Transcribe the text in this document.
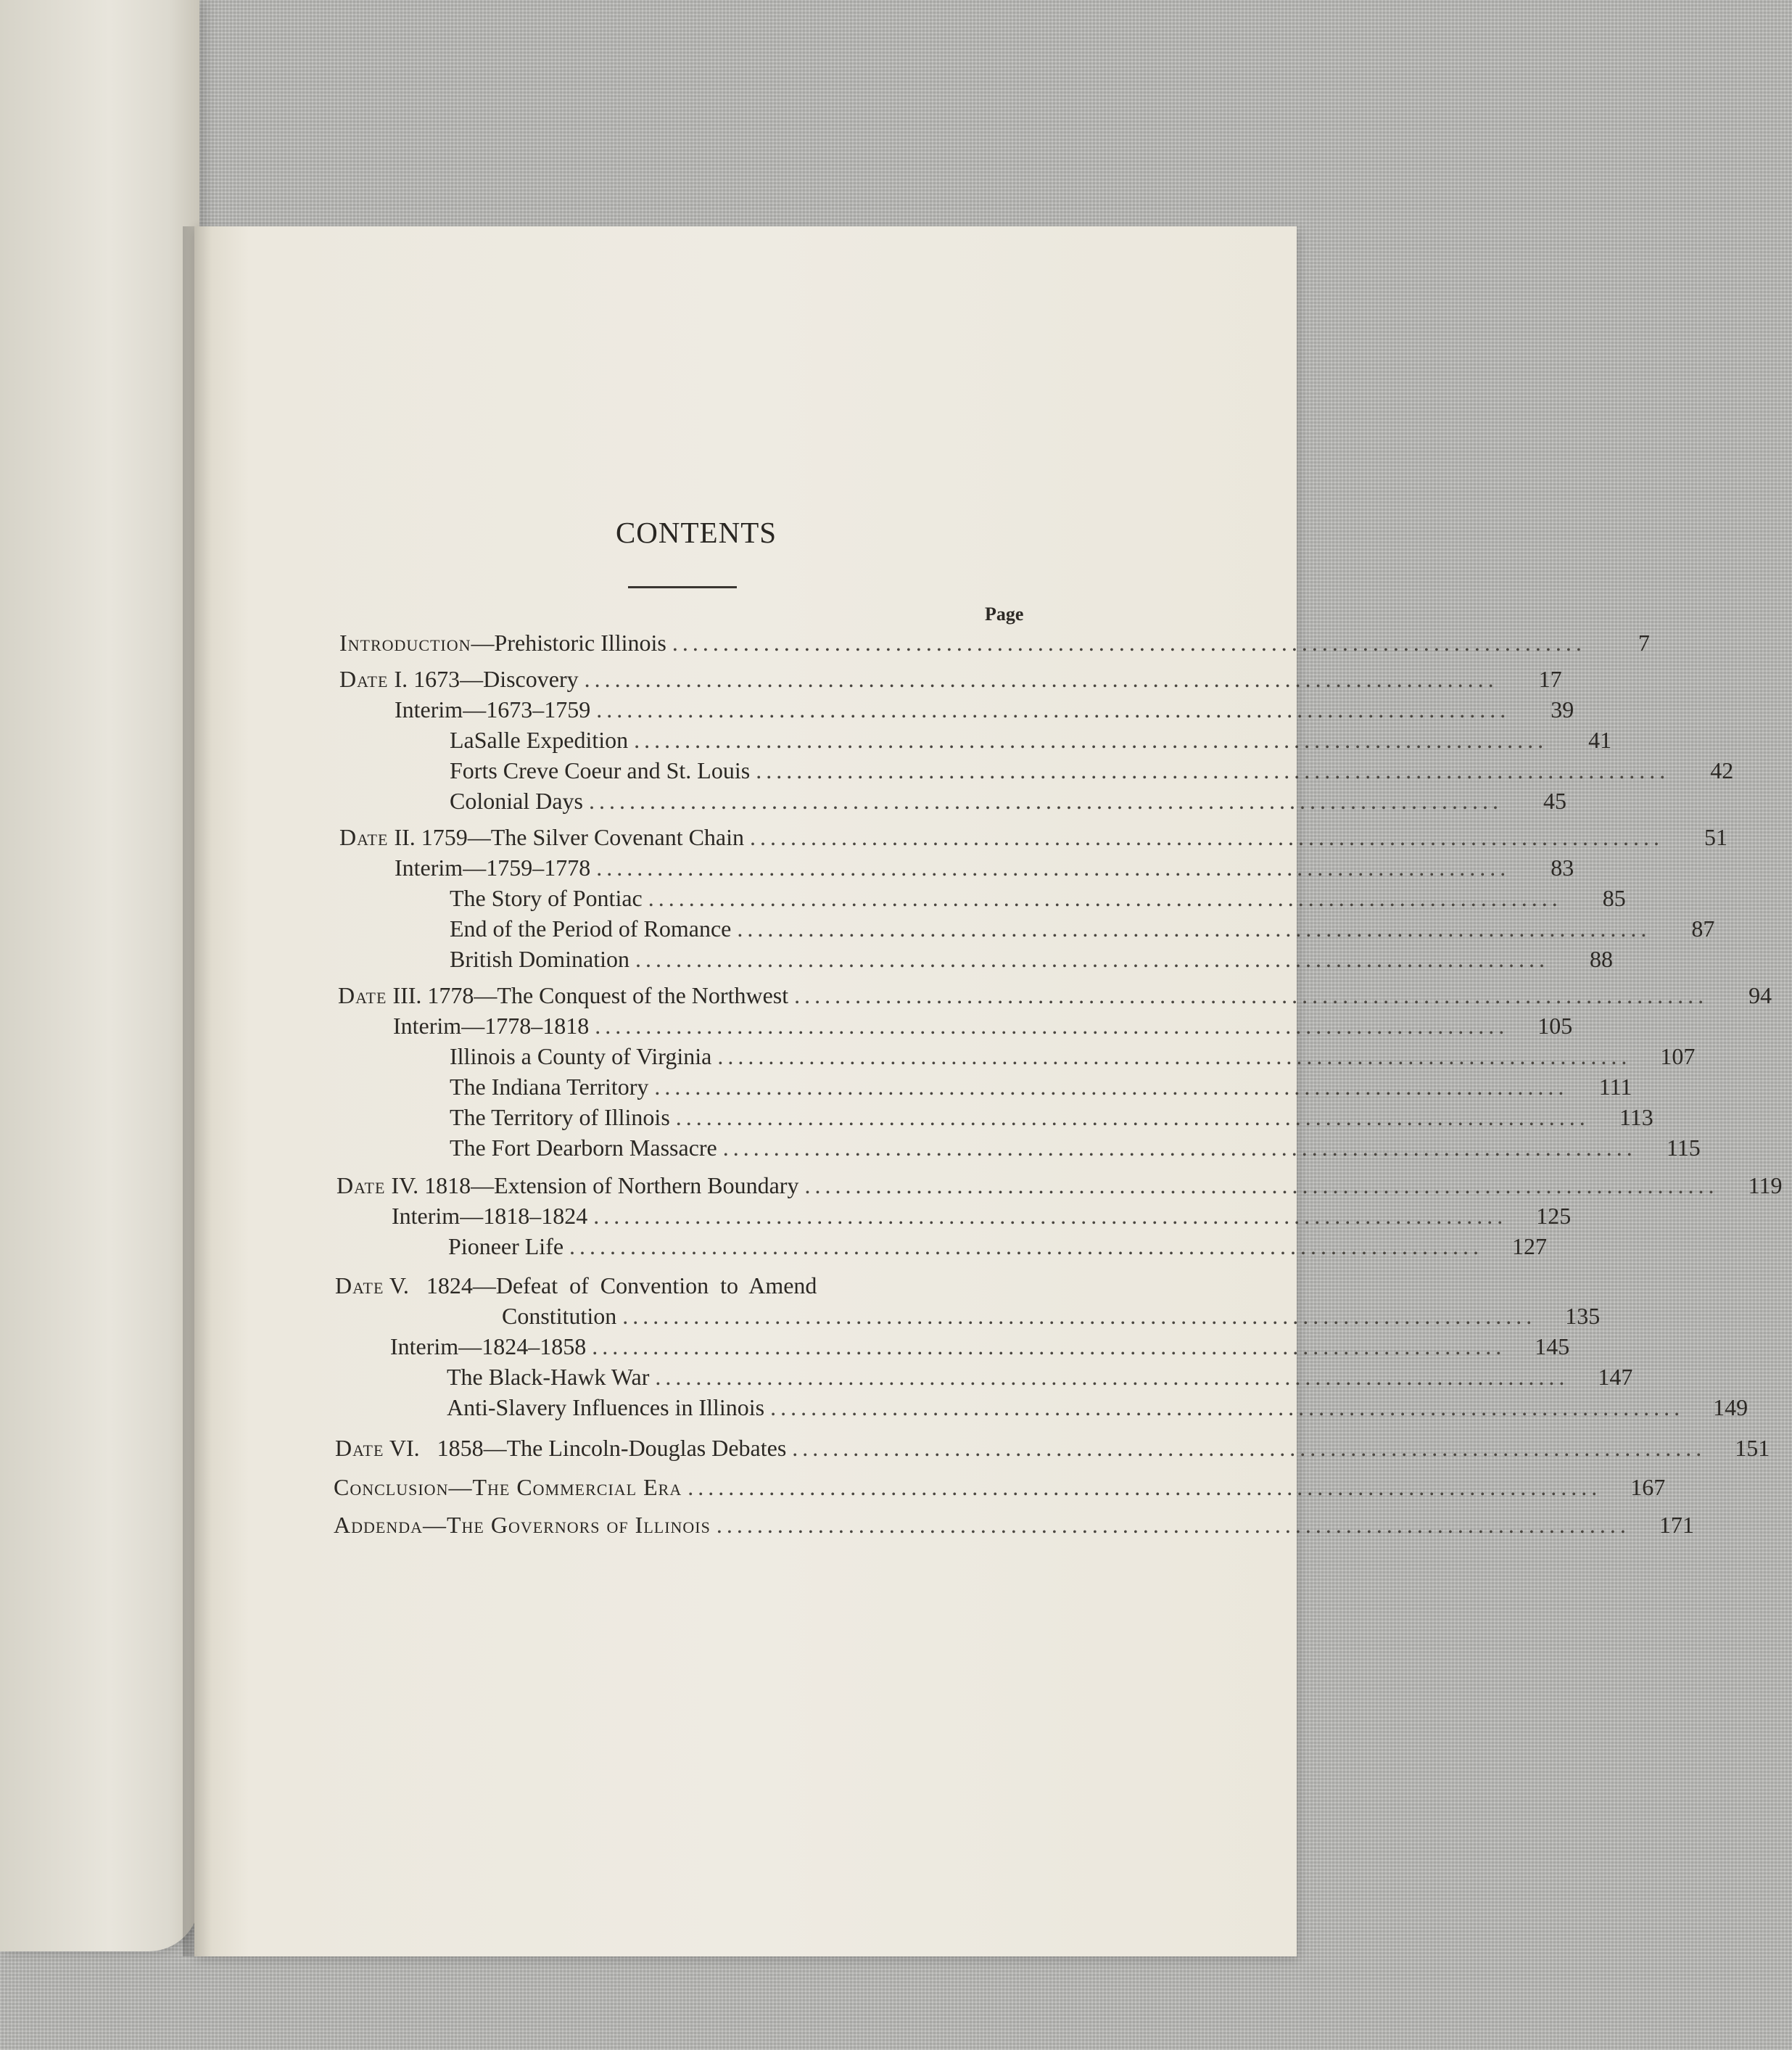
CONTENTS
Page
Introduction—Prehistoric Illinois ..........................................................................................	7
Date I. 1673—Discovery ..........................................................................................	17
Interim—1673–1759 ..........................................................................................	39
LaSalle Expedition ..........................................................................................	41
Forts Creve Coeur and St. Louis ..........................................................................................	42
Colonial Days ..........................................................................................	45
Date II. 1759—The Silver Covenant Chain ..........................................................................................	51
Interim—1759–1778 ..........................................................................................	83
The Story of Pontiac ..........................................................................................	85
End of the Period of Romance ..........................................................................................	87
British Domination ..........................................................................................	88
Date III. 1778—The Conquest of the Northwest ..........................................................................................	94
Interim—1778–1818 ..........................................................................................	105
Illinois a County of Virginia ..........................................................................................	107
The Indiana Territory ..........................................................................................	111
The Territory of Illinois ..........................................................................................	113
The Fort Dearborn Massacre ..........................................................................................	115
Date IV. 1818—Extension of Northern Boundary ..........................................................................................	119
Interim—1818–1824 ..........................................................................................	125
Pioneer Life ..........................................................................................	127
Date V.   1824—Defeat  of  Convention  to  Amend
Constitution ..........................................................................................	135
Interim—1824–1858 ..........................................................................................	145
The Black-Hawk War ..........................................................................................	147
Anti-Slavery Influences in Illinois ..........................................................................................	149
Date VI.   1858—The Lincoln-Douglas Debates ..........................................................................................	151
Conclusion—The Commercial Era ..........................................................................................	167
Addenda—The Governors of Illinois ..........................................................................................	171
